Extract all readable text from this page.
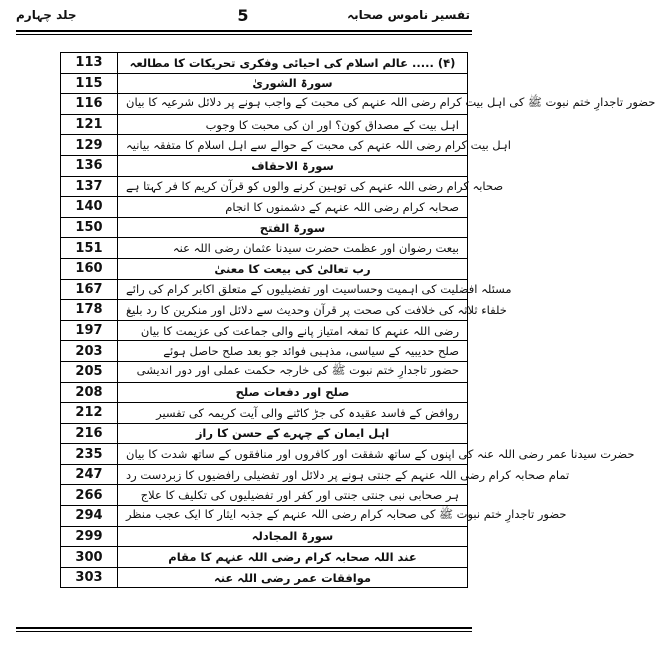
جلد چہارم	5	تفسیر ناموس صحابہ
113	(۴) ..... عالم اسلام کی احیائی وفکری تحریکات کا مطالعہ
115	سورۃ الشوریٰ
116	حضور تاجدارِ ختم نبوت ﷺ کی اہل بیت کرام رضی اللہ عنہم کی محبت کے واجب ہونے پر دلائل شرعیہ کا بیان
121	اہل بیت کے مصداق کون؟ اور ان کی محبت کا وجوب
129	اہل بیت کرام رضی اللہ عنہم کی محبت کے حوالے سے اہل اسلام کا متفقہ بیانیہ
136	سورۃ الاحقاف
137	صحابہ کرام رضی اللہ عنہم کی توہین کرنے والوں کو قرآن کریم کا فر کہتا ہے
140	صحابہ کرام رضی اللہ عنہم کے دشمنوں کا انجام
150	سورۃ الفتح
151	بیعت رضوان اور عظمت حضرت سیدنا عثمان رضی اللہ عنہ
160	رب تعالیٰ کی بیعت کا معنیٰ
167	مسئلہ افضلیت کی اہمیت وحساسیت اور تفضیلیوں کے متعلق اکابر کرام کی رائے
178	خلفاء ثلاثہ کی خلافت کی صحت پر قرآن وحدیث سے دلائل اور منکرین کا رد بلیغ
197	رضی اللہ عنہم کا تمغہ امتیاز پانے والی جماعت کی عزیمت کا بیان
203	صلح حدیبیہ کے سیاسی، مذہبی فوائد جو بعد صلح حاصل ہوئے
205	حضور تاجدارِ ختم نبوت ﷺ کی خارجہ حکمت عملی اور دور اندیشی
208	صلح اور دفعات صلح
212	روافض کے فاسد عقیدہ کی جڑ کاٹنے والی آیت کریمہ کی تفسیر
216	اہل ایمان کے چہرے کے حسن کا راز
235	حضرت سیدنا عمر رضی اللہ عنہ کی اپنوں کے ساتھ شفقت اور کافروں اور منافقوں کے ساتھ شدت کا بیان
247	تمام صحابہ کرام رضی اللہ عنہم کے جنتی ہونے پر دلائل اور تفضیلی رافضیوں کا زبردست رد
266	ہر صحابی نبی جنتی جنتی اور کفر اور تفضیلیوں کی تکلیف کا علاج
294	حضور تاجدارِ ختم نبوت ﷺ کی صحابہ کرام رضی اللہ عنہم کے جذبہ ایثار کا ایک عجب منظر
299	سورۃ المجادلہ
300	عند اللہ صحابہ کرام رضی اللہ عنہم کا مقام
303	موافقات عمر رضی اللہ عنہ
